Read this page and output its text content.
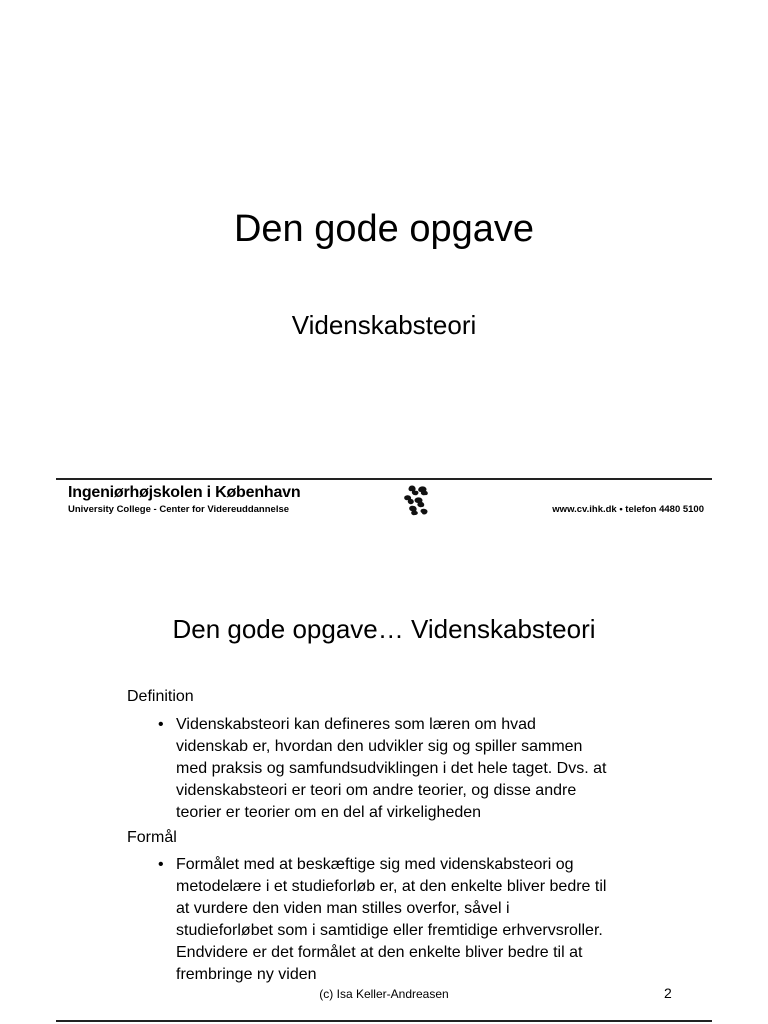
Den gode opgave
Videnskabsteori
Ingeniørhøjskolen i København
University College - Center for Videreuddannelse	www.cv.ihk.dk • telefon 4480 5100
Den gode opgave… Videnskabsteori
Definition
• Videnskabsteori kan defineres som læren om hvad
videnskab er, hvordan den udvikler sig og spiller sammen
med praksis og samfundsudviklingen i det hele taget. Dvs. at
videnskabsteori er teori om andre teorier, og disse andre
teorier er teorier om en del af virkeligheden
Formål
• Formålet med at beskæftige sig med videnskabsteori og
metodelære i et studieforløb er, at den enkelte bliver bedre til
at vurdere den viden man stilles overfor, såvel i
studieforløbet som i samtidige eller fremtidige erhvervsroller.
Endvidere er det formålet at den enkelte bliver bedre til at
frembringe ny viden
(c) Isa Keller-Andreasen	2
